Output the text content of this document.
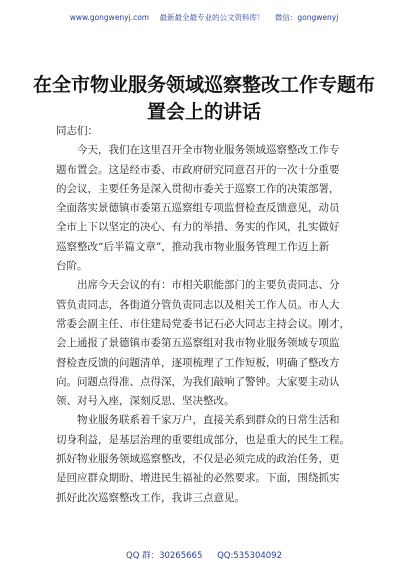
www.gongwenyj.com 最新最全最专业的公文资料库！ 微信：gongwenyj
在全市物业服务领域巡察整改工作专题布
置会上的讲话
同志们：
　　今天，我们在这里召开全市物业服务领域巡察整改工作专
题布置会。这是经市委、市政府研究同意召开的一次十分重要
的会议，主要任务是深入贯彻市委关于巡察工作的决策部署，
全面落实景德镇市委第五巡察组专项监督检查反馈意见，动员
全市上下以坚定的决心、有力的举措、务实的作风，扎实做好
巡察整改“后半篇文章”，推动我市物业服务管理工作迈上新
台阶。
　　出席今天会议的有：市相关职能部门的主要负责同志、分
管负责同志，各街道分管负责同志以及相关工作人员。市人大
常委会副主任、市住建局党委书记石必大同志主持会议。刚才，
会上通报了景德镇市委第五巡察组对我市物业服务领域专项监
督检查反馈的问题清单，逐项梳理了工作短板，明确了整改方
向。问题点得准、点得深，为我们敲响了警钟。大家要主动认
领、对号入座，深刻反思、坚决整改。
　　物业服务联系着千家万户，直接关系到群众的日常生活和
切身利益，是基层治理的重要组成部分，也是重大的民生工程。
抓好物业服务领域巡察整改，不仅是必须完成的政治任务，更
是回应群众期盼、增进民生福祉的必然要求。下面，围绕抓实
抓好此次巡察整改工作，我讲三点意见。
QQ 群：30265665 QQ:535304092
